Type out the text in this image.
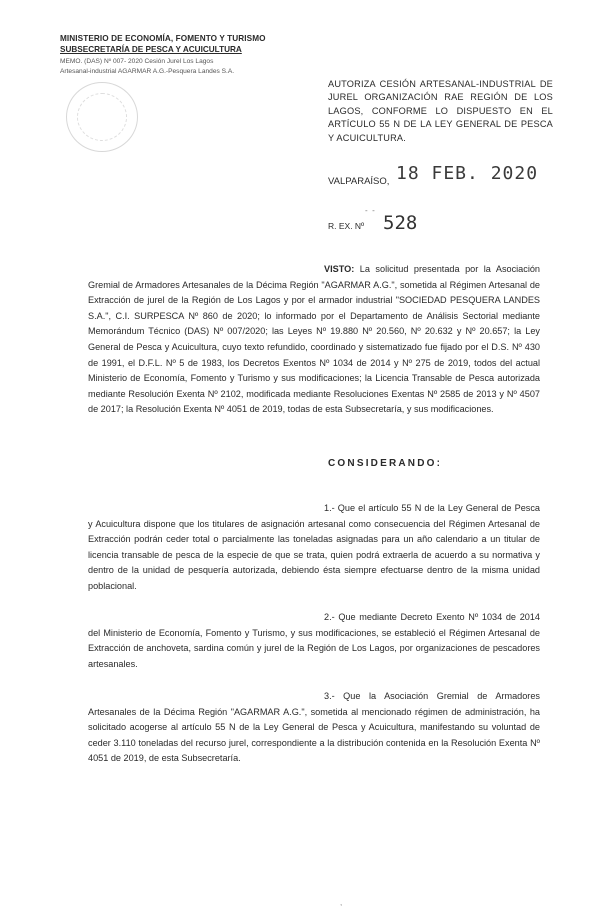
MINISTERIO DE ECONOMÍA, FOMENTO Y TURISMO
SUBSECRETARÍA DE PESCA Y ACUICULTURA
MEMO. (DAS) Nº 007- 2020 Cesión Jurel Los Lagos
Artesanal-industrial AGARMAR A.G.-Pesquera Landes S.A.
AUTORIZA CESIÓN ARTESANAL-INDUSTRIAL DE JUREL ORGANIZACIÓN RAE REGIÓN DE LOS LAGOS, CONFORME LO DISPUESTO EN EL ARTÍCULO 55 N DE LA LEY GENERAL DE PESCA Y ACUICULTURA.
VALPARAÍSO, 18 FEB. 2020
-  -
R. EX. Nº 528

VISTO: La solicitud presentada por la Asociación Gremial de Armadores Artesanales de la Décima Región "AGARMAR A.G.", sometida al Régimen Artesanal de Extracción de jurel de la Región de Los Lagos y por el armador industrial "SOCIEDAD PESQUERA LANDES S.A.", C.I. SURPESCA Nº 860 de 2020; lo informado por el Departamento de Análisis Sectorial mediante Memorándum Técnico (DAS) Nº 007/2020; las Leyes Nº 19.880 Nº 20.560, Nº 20.632 y Nº 20.657; la Ley General de Pesca y Acuicultura, cuyo texto refundido, coordinado y sistematizado fue fijado por el D.S. Nº 430 de 1991, el D.F.L. Nº 5 de 1983, los Decretos Exentos Nº 1034 de 2014 y Nº 275 de 2019, todos del actual Ministerio de Economía, Fomento y Turismo y sus modificaciones; la Licencia Transable de Pesca autorizada mediante Resolución Exenta Nº 2102, modificada mediante Resoluciones Exentas Nº 2585 de 2013 y Nº 4507 de 2017; la Resolución Exenta Nº 4051 de 2019, todas de esta Subsecretaría, y sus modificaciones.

CONSIDERANDO:

1.- Que el artículo 55 N de la Ley General de Pesca y Acuicultura dispone que los titulares de asignación artesanal como consecuencia del Régimen Artesanal de Extracción podrán ceder total o parcialmente las toneladas asignadas para un año calendario a un titular de licencia transable de pesca de la especie de que se trata, quien podrá extraerla de acuerdo a su normativa y dentro de la unidad de pesquería autorizada, debiendo ésta siempre efectuarse dentro de la misma unidad poblacional.

2.- Que mediante Decreto Exento Nº 1034 de 2014 del Ministerio de Economía, Fomento y Turismo, y sus modificaciones, se estableció el Régimen Artesanal de Extracción de anchoveta, sardina común y jurel de la Región de Los Lagos, por organizaciones de pescadores artesanales.

3.- Que la Asociación Gremial de Armadores Artesanales de la Décima Región "AGARMAR A.G.", sometida al mencionado régimen de administración, ha solicitado acogerse al artículo 55 N de la Ley General de Pesca y Acuicultura, manifestando su voluntad de ceder 3.110 toneladas del recurso jurel, correspondiente a la distribución contenida en la Resolución Exenta Nº 4051 de 2019, de esta Subsecretaría.

,
